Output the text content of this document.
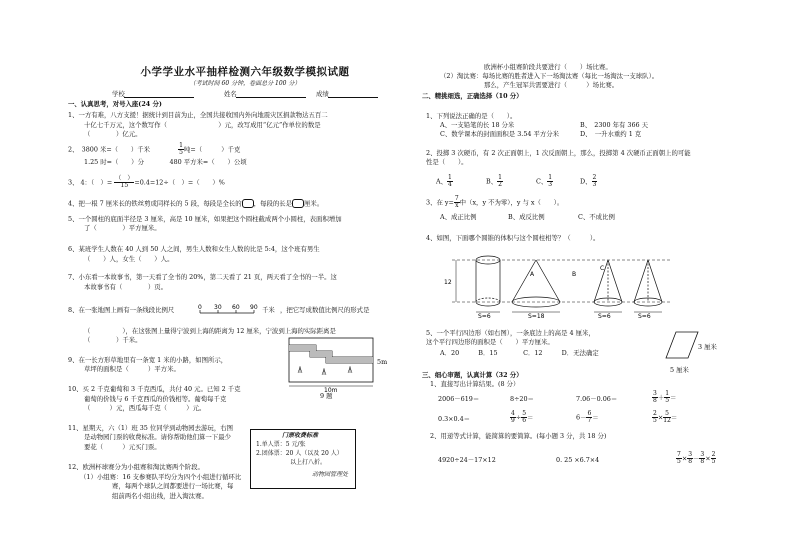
小学学业水平抽样检测六年级数学模拟试题
（考试时间 60 分钟，卷面总分 100 分）
学校	姓名	成绩
一、认真思考，对号入座(24 分)
1、一方有难，八方支援！据统计到目前为止，全国共接收国内外向地震灾区捐款物达五百二
十亿七千万元，这个数写作（　　　　　　　　）元，改写成用“亿元”作单位的数是
（　　　　）亿元。
2、　3800 米=（　　）千米	$\frac{1}{5}$ 吨=（　　　）千克
1.25 时=（　　）分　　　　480 平方米=（　　）公顷
3、 4：（　）= $\frac{( )}{15} =0.4=12\div$（　）=（　　）%
4、把一根 7 厘米长的铁丝剪成同样长的 5 段，每段是全长的 ，每段的长是 厘米。
5、一个圆柱的底面半径是 3 厘米，高是 10 厘米，如果把这个圆柱截成两个小圆柱，表面积增加
了（　　　　）平方厘米。
6、某班学生人数在 40 人到 50 人之间，男生人数和女生人数的比是 5:4，这个班有男生
（　　）人，女生（　　）人。
7、小东看一本故事书，第一天看了全书的 20%，第二天看了 21 页，两天看了全书的一半。这
本故事书有（　　　　）页。
8、在一张地图上画有一条线段比例尺	0 30 60 90 千米 ，把它写成数值比例尺的形式是
（　　　　　），在这张图上量得宁波到上海的距离为 12 厘米，宁波到上海的实际距离是
（　　　　）千米。
9、在一长方形草地里有一条宽 1 米的小路，如图所示，
草坪的面积是（　　　）平方米。
10m
5m
9 题
10、买 2 千克葡萄和 3 千克西瓜，共付 40 元。已知 2 千克
葡萄的价钱与 6 千克西瓜的价钱相等。葡萄每千克
（　　　）元，西瓜每千克（　　　）元。
11、星期天，六（1）班 35 位同学到动物园去游玩，右图
是动物园门票的收费标准。请你帮助他们算一下最少
要花（　　　）元买门票。
门票收费标准
1.单人票：5 元/张
2.团体票：20 人（以及 20 人）
以上打八折。
动物园管理处
12、欧洲杯球赛分为小组赛和淘汰赛两个阶段。
（1）小组赛：16 支参赛队平均分为四个小组进行循环比
赛，每两个球队之间都要进行一场比赛，每
组前两名小组出线，进入淘汰赛。
欧洲杯小组赛阶段共要进行（　　）场比赛。
（2）淘汰赛：每场比赛的胜者进入下一场淘汰赛（每比一场淘汰一支球队）。
那么，产生冠军共需要进行（　　　）场比赛。
二、精挑细选，正确选择（10 分）
1、下列说法正确的是（　　）。
A、一支铅笔的长 18 分米	B、　2300 年有 366 天
C、数学课本的封面面积是 3.54 平方分米	D、　一升水重约 1 克
2、投掷 3 次硬币，有 2 次正面朝上，1 次反面朝上，那么，投掷第 4 次硬币正面朝上的可能
性是（　　）。
A、 $\frac{1}{4}$	B、 $\frac{1}{2}$	C、 $\frac{1}{3}$	D、 $\frac{2}{3}$
3、在 $y= \frac{7}{x}$ 中（x，y 不为零），y 与 x（　　）。
A、成正比例	B、成反比例	C、不成比例
4、如图，下面哪个圆锥的体积与这个圆柱相等？（　　　）。
12
A	B
C
S=6	S=18	S=6	S=6
5、一个平行四边形（如右图），一条底边上的高是 4 厘米，
这个平行四边形的面积是（　　）平方厘米。
A．20　　　B．15　　　　C．12　　　D．无法确定
3 厘米
5 厘米
三、细心审题，认真计算（32 分）
1、直接写出计算结果。(8 分）
2006－619＝	8÷20＝	7.06－0.06＝	$\frac{3}{8} + \frac{1}{5}$ ＝
0.3×0.4＝	$\frac{4}{9} \div \frac{5}{6}$ ＝	$6- \frac{6}{7}$ ＝	$\frac{2}{5} \times \frac{5}{12}$ ＝
2、用递等式计算，能简算的要简算。(每小题 3 分，共 18 分)
4920÷24－17×12	0. 25 ×6.7×4	$\frac{7}{5} \times \frac{3}{8} - \frac{3}{8} \times \frac{2}{5}$
